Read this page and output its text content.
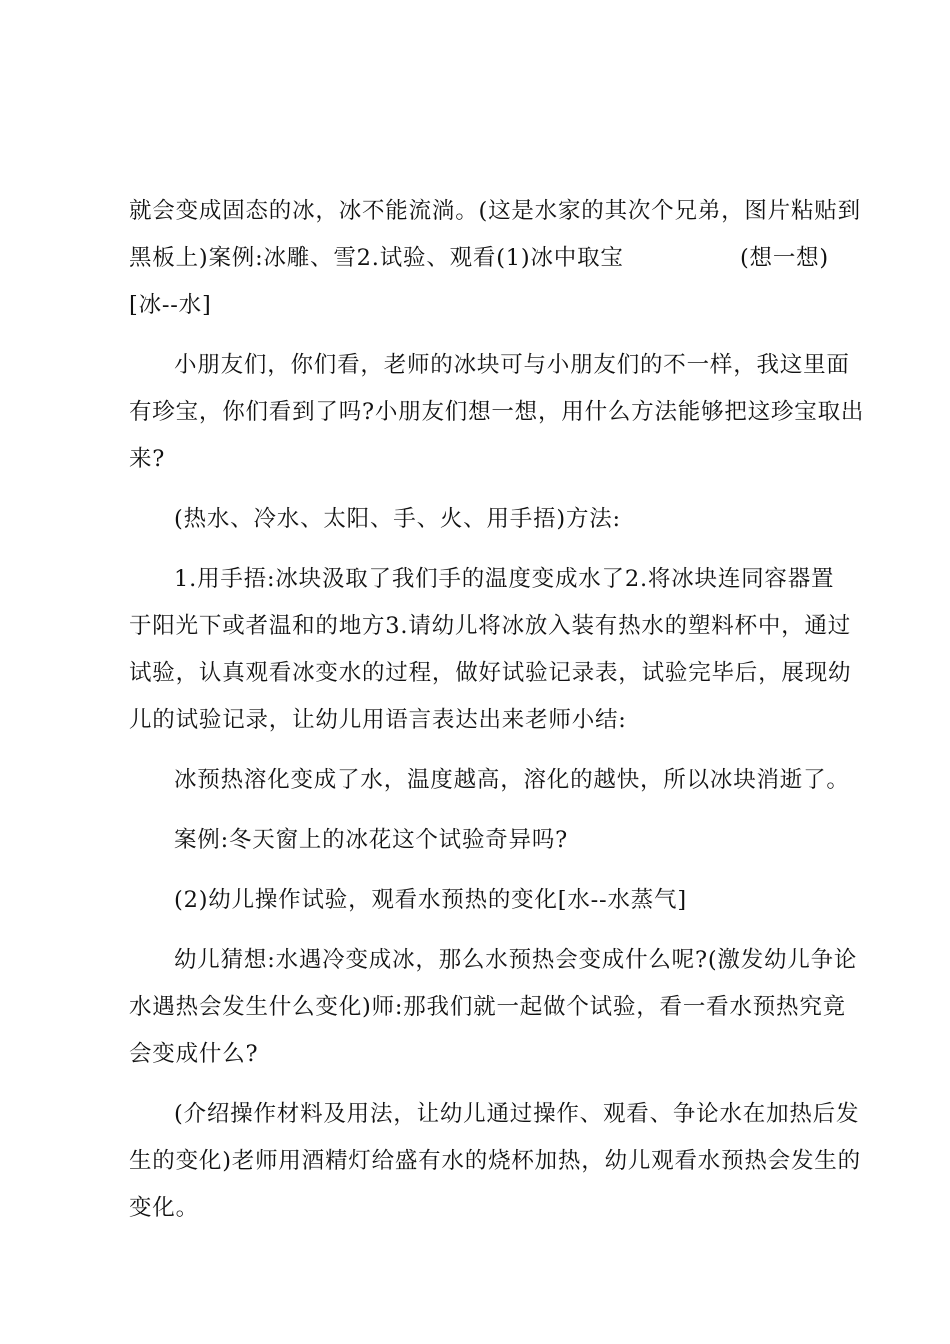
就会变成固态的冰，冰不能流淌。(这是水家的其次个兄弟，图片粘贴到
黑板上)案例:冰雕、雪2.试验、观看(1)冰中取宝	(想一想)
[冰--水]
小朋友们，你们看，老师的冰块可与小朋友们的不一样，我这里面
有珍宝，你们看到了吗?小朋友们想一想，用什么方法能够把这珍宝取出
来?
(热水、冷水、太阳、手、火、用手捂)方法:
1.用手捂:冰块汲取了我们手的温度变成水了2.将冰块连同容器置
于阳光下或者温和的地方3.请幼儿将冰放入装有热水的塑料杯中，通过
试验，认真观看冰变水的过程，做好试验记录表，试验完毕后，展现幼
儿的试验记录，让幼儿用语言表达出来老师小结:
冰预热溶化变成了水，温度越高，溶化的越快，所以冰块消逝了。
案例:冬天窗上的冰花这个试验奇异吗?
(2)幼儿操作试验，观看水预热的变化[水--水蒸气]
幼儿猜想:水遇冷变成冰，那么水预热会变成什么呢?(激发幼儿争论
水遇热会发生什么变化)师:那我们就一起做个试验，看一看水预热究竟
会变成什么?
(介绍操作材料及用法，让幼儿通过操作、观看、争论水在加热后发
生的变化)老师用酒精灯给盛有水的烧杯加热，幼儿观看水预热会发生的
变化。
